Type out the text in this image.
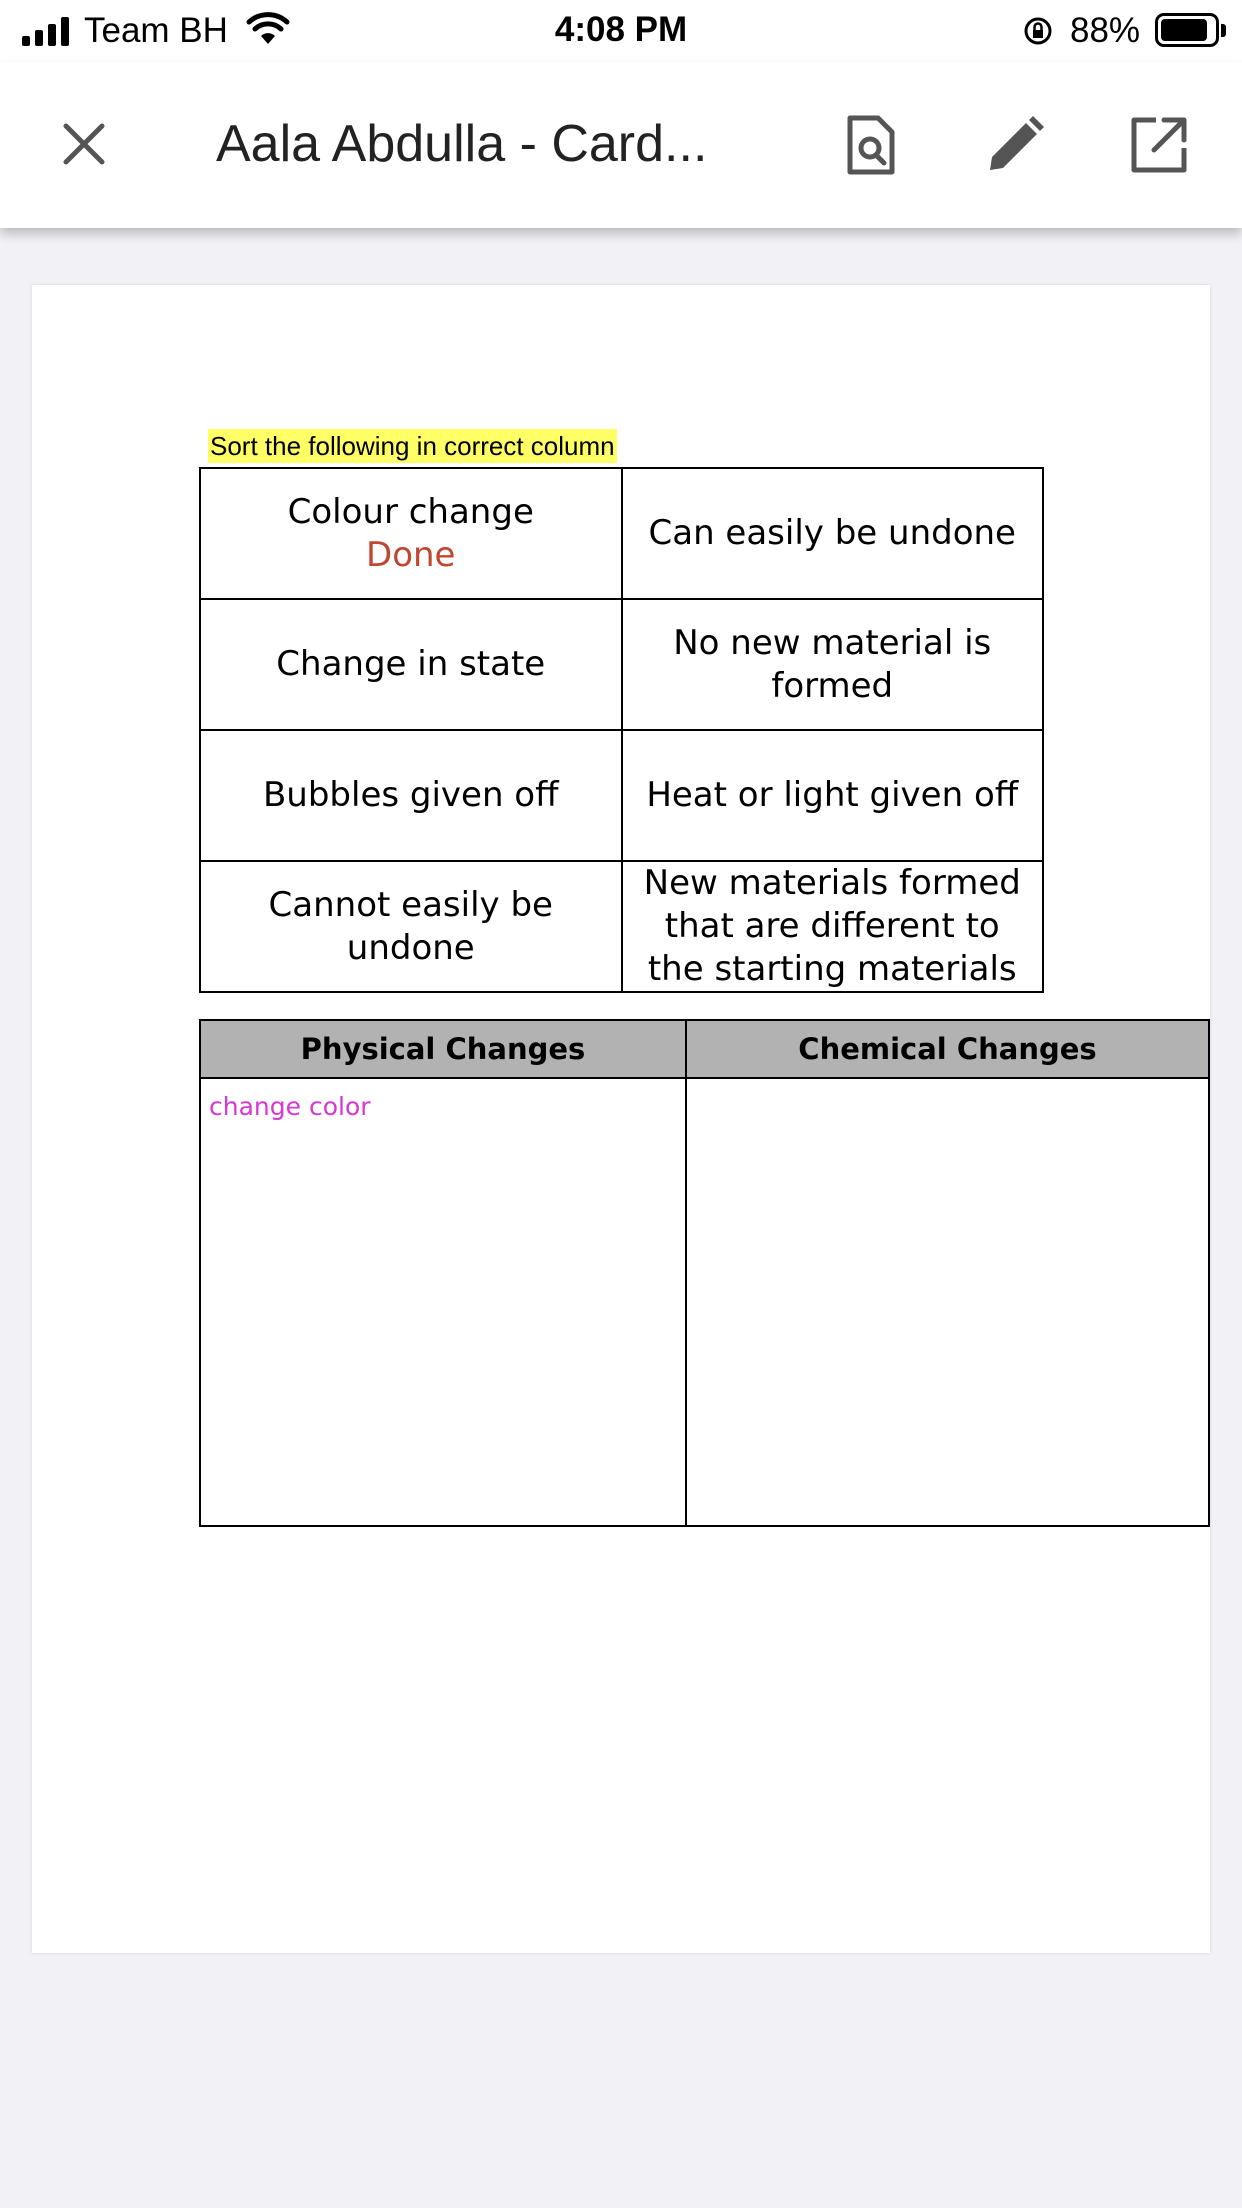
Team BH	4:08 PM	88%
Aala Abdulla - Card...
Sort the following in correct column
Colour change
Done	Can easily be undone
Change in state	No new material is formed
Bubbles given off	Heat or light given off
Cannot easily be undone	New materials formed that are different to the starting materials
Physical Changes	Chemical Changes
change color	
